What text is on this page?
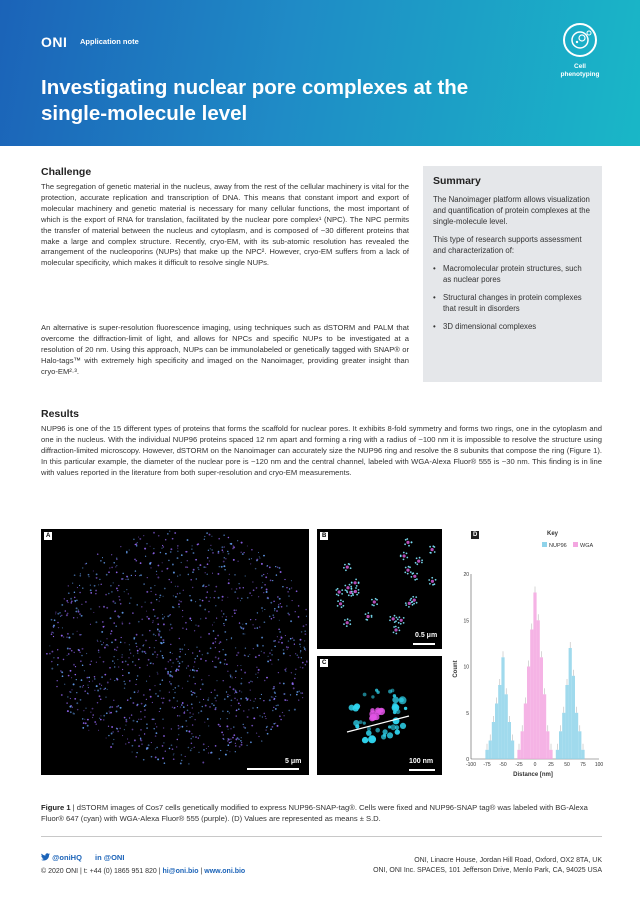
ONI Application note
Investigating nuclear pore complexes at the single-molecule level
Cell
phenotyping
Challenge
The segregation of genetic material in the nucleus, away from the rest of the cellular machinery is vital for the protection, accurate replication and transcription of DNA. This means that constant import and export of molecular machinery and genetic material is necessary for many cellular functions, the most important of which is the export of RNA for translation, facilitated by the nuclear pore complex¹ (NPC). The NPC permits the transfer of material between the nucleus and cytoplasm, and is composed of ~30 different proteins that make a large and complex structure. Recently, cryo-EM, with its sub-atomic resolution has revealed the arrangement of the nucleoporins (NUPs) that make up the NPC². However, cryo-EM suffers from a lack of molecular specificity, which makes it difficult to resolve single NUPs.
An alternative is super-resolution fluorescence imaging, using techniques such as dSTORM and PALM that overcome the diffraction-limit of light, and allows for NPCs and specific NUPs to be investigated at a resolution of 20 nm. Using this approach, NUPs can be immunolabeled or genetically tagged with SNAP® or Halo-tags™ with extremely high specificity and imaged on the Nanoimager, providing greater insight than cryo-EM²·³.
Summary
The Nanoimager platform allows visualization and quantification of protein complexes at the single-molecule level.
This type of research supports assessment and characterization of:
• Macromolecular protein structures, such as nuclear pores
• Structural changes in protein complexes that result in disorders
• 3D dimensional complexes
Results
NUP96 is one of the 15 different types of proteins that forms the scaffold for nuclear pores. It exhibits 8-fold symmetry and forms two rings, one in the cytoplasm and one in the nucleus. With the individual NUP96 proteins spaced 12 nm apart and forming a ring with a radius of ~100 nm it is impossible to resolve the structure using diffraction-limited microscopy. However, dSTORM on the Nanoimager can accurately size the NUP96 ring and resolve the 8 subunits that compose the ring (Figure 1). In this particular example, the diameter of the nuclear pore is ~120 nm and the central channel, labeled with WGA-Alexa Fluor® 555 is ~30 nm. This finding is in line with values reported in the literature from both super-resolution and cryo-EM measurements.
A
5 μm
B
0.5 μm
C
100 nm
D	Key
NUP96 WGA
Count
Distance [nm]
0
5
10
15
20
-100 -75 -50 -25 0 25 50 75 100
Figure 1 | dSTORM images of Cos7 cells genetically modified to express NUP96-SNAP-tag®. Cells were fixed and NUP96-SNAP tag® was labeled with BG-Alexa Fluor® 647 (cyan) with WGA-Alexa Fluor® 555 (purple). (D) Values are represented as means ± S.D.
@oniHQ in @ONI
© 2020 ONI | t: +44 (0) 1865 951 820 | hi@oni.bio | www.oni.bio
ONI, Linacre House, Jordan Hill Road, Oxford, OX2 8TA, UK
ONI, ONI Inc. SPACES, 101 Jefferson Drive, Menlo Park, CA, 94025 USA
